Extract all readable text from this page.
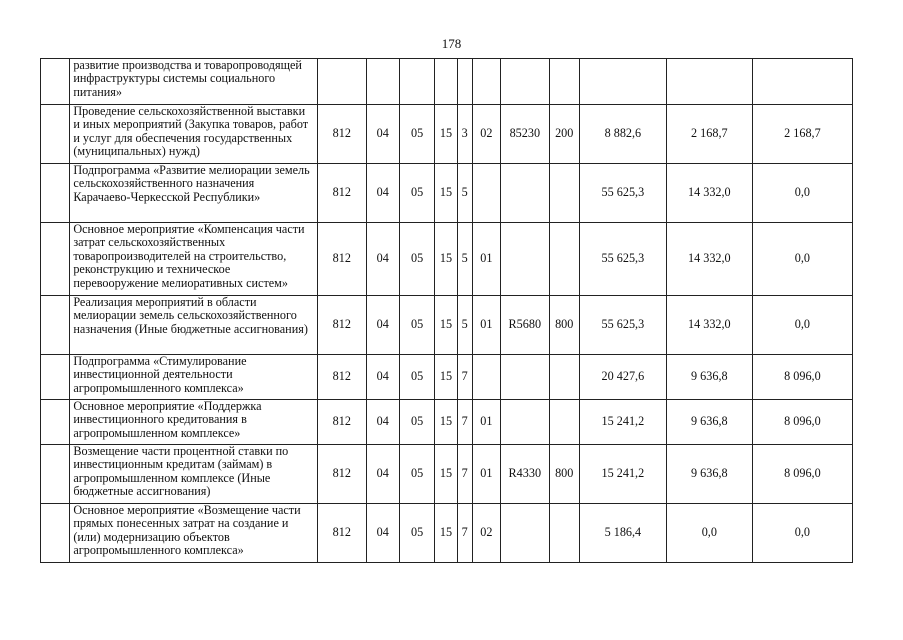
178
	развитие производства и товаропроводящей инфраструктуры системы социального питания»											
	Проведение сельскохозяйственной выставки и иных мероприятий (Закупка товаров, работ и услуг для обеспечения государственных (муниципальных) нужд)	812	04	05	15	3	02	85230	200	8 882,6	2 168,7	2 168,7
	Подпрограмма «Развитие мелиорации земель сельскохозяйственного назначения Карачаево-Черкесской Республики»	812	04	05	15	5				55 625,3	14 332,0	0,0
	Основное мероприятие «Компенсация части затрат сельскохозяйственных товаропроизводителей на строительство, реконструкцию и техническое перевооружение мелиоративных систем»	812	04	05	15	5	01			55 625,3	14 332,0	0,0
	Реализация мероприятий в области мелиорации земель сельскохозяйственного назначения (Иные бюджетные ассигнования)	812	04	05	15	5	01	R5680	800	55 625,3	14 332,0	0,0
	Подпрограмма «Стимулирование инвестиционной деятельности агропромышленного комплекса»	812	04	05	15	7				20 427,6	9 636,8	8 096,0
	Основное мероприятие «Поддержка инвестиционного кредитования в агропромышленном комплексе»	812	04	05	15	7	01			15 241,2	9 636,8	8 096,0
	Возмещение части процентной ставки по инвестиционным кредитам (займам) в агропромышленном комплексе (Иные бюджетные ассигнования)	812	04	05	15	7	01	R4330	800	15 241,2	9 636,8	8 096,0
	Основное мероприятие «Возмещение части прямых понесенных затрат на создание и (или) модернизацию объектов агропромышленного комплекса»	812	04	05	15	7	02			5 186,4	0,0	0,0
